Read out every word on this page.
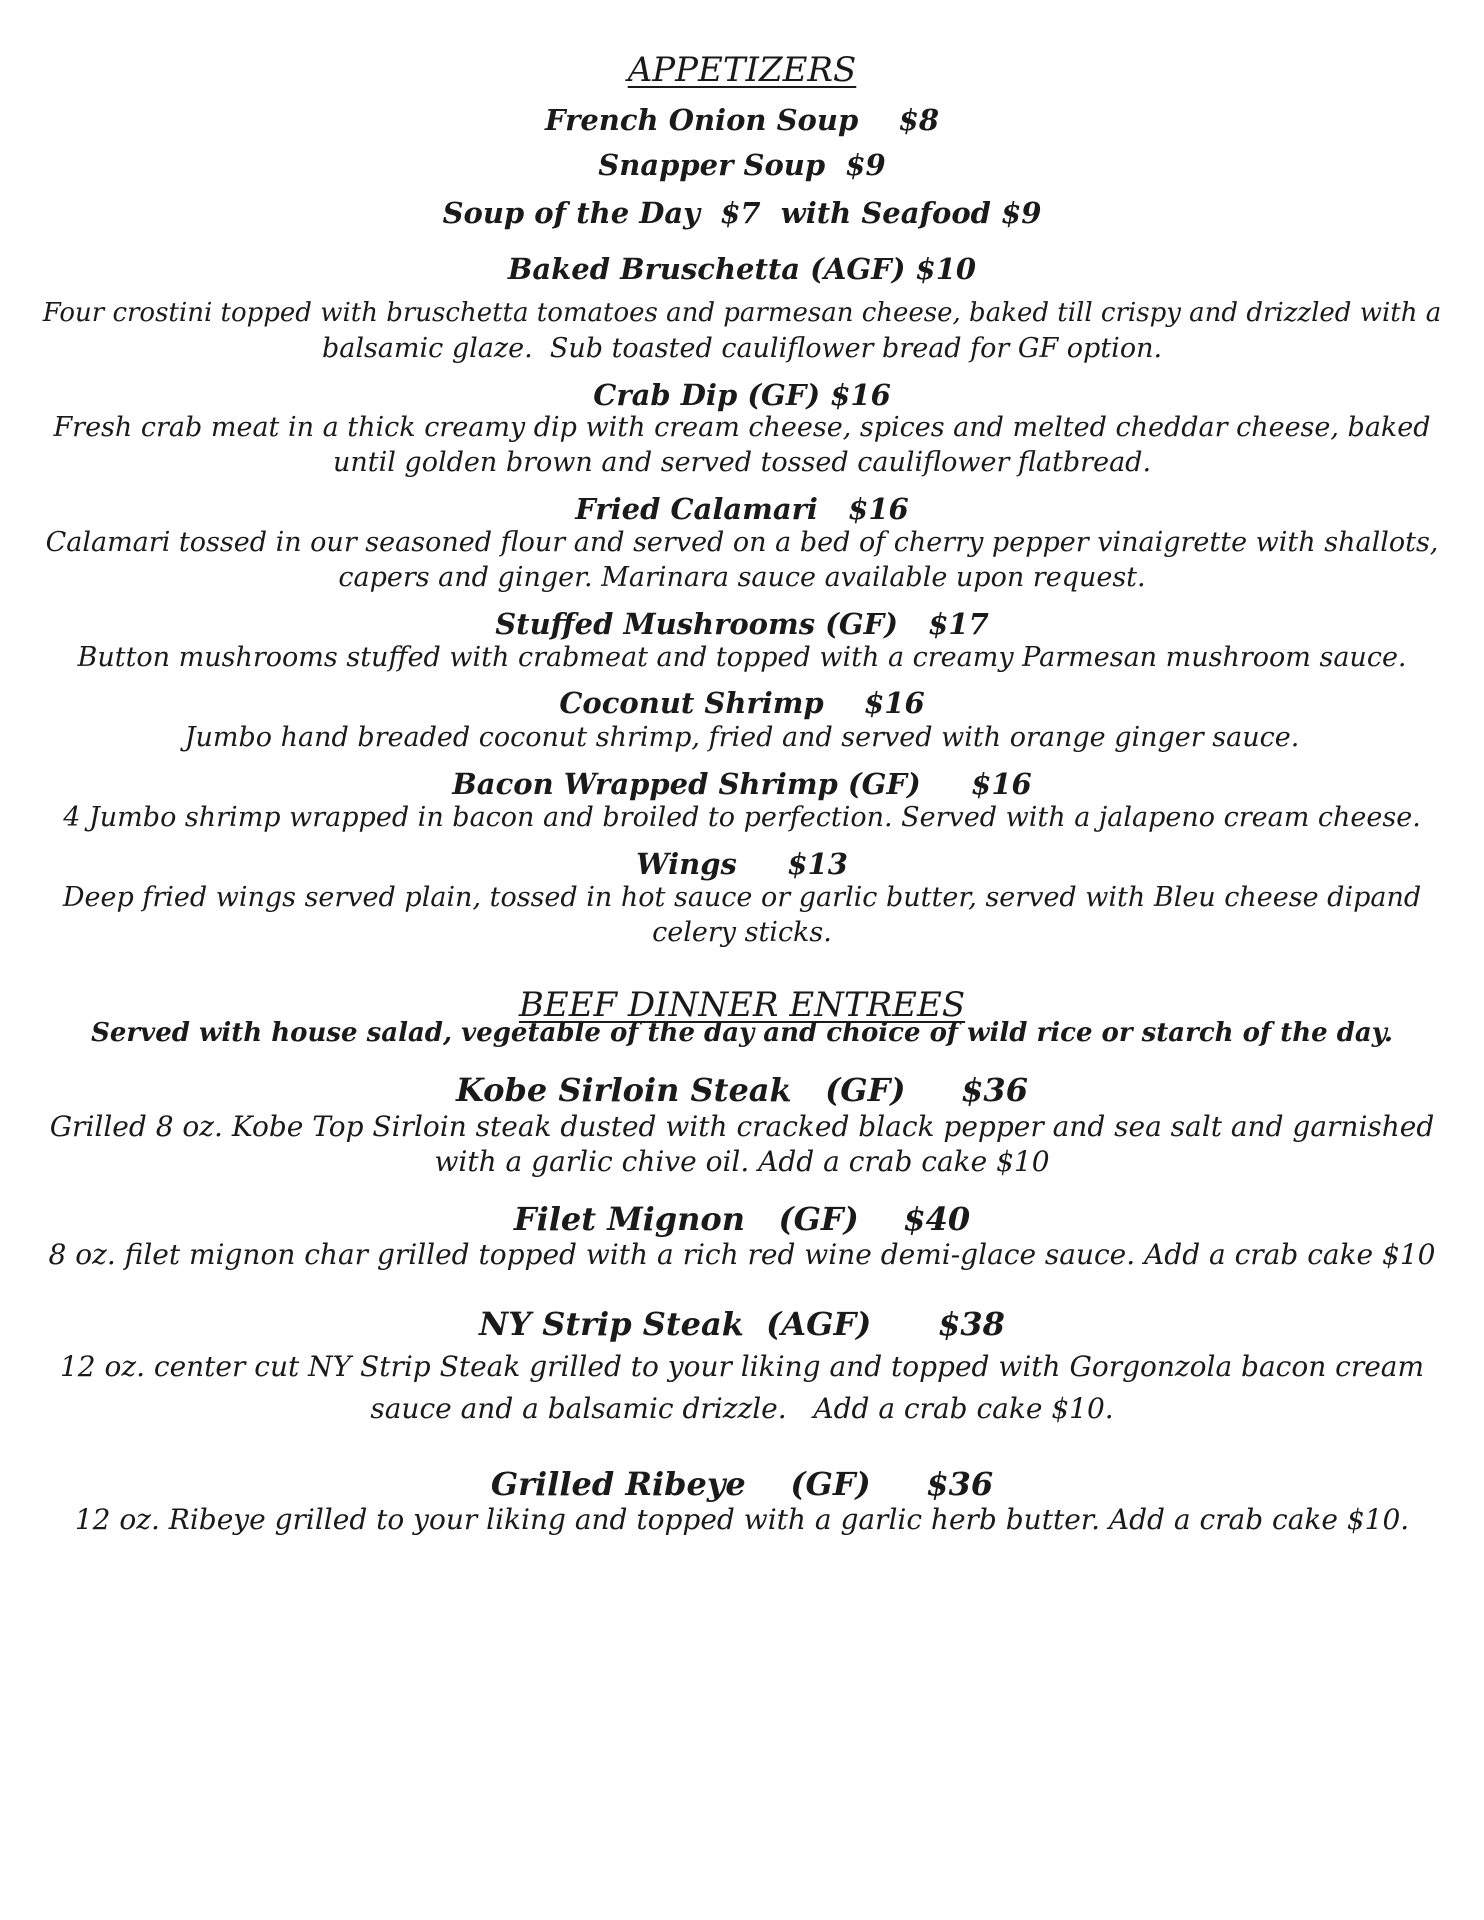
APPETIZERS
French Onion Soup    $8
Snapper Soup  $9
Soup of the Day  $7  with Seafood $9
Baked Bruschetta (AGF) $10
Four crostini topped with bruschetta tomatoes and parmesan cheese, baked till crispy and drizzled with a
balsamic glaze.  Sub toasted cauliflower bread for GF option.
Crab Dip (GF) $16
Fresh crab meat in a thick creamy dip with cream cheese, spices and melted cheddar cheese, baked
until golden brown and served tossed cauliflower flatbread.
Fried Calamari   $16
Calamari tossed in our seasoned flour and served on a bed of cherry pepper vinaigrette with shallots,
capers and ginger. Marinara sauce available upon request.
Stuffed Mushrooms (GF)   $17
Button mushrooms stuffed with crabmeat and topped with a creamy Parmesan mushroom sauce.
Coconut Shrimp    $16
Jumbo hand breaded coconut shrimp, fried and served with orange ginger sauce.
Bacon Wrapped Shrimp (GF)     $16
4 Jumbo shrimp wrapped in bacon and broiled to perfection. Served with a jalapeno cream cheese.
Wings     $13
Deep fried wings served plain, tossed in hot sauce or garlic butter, served with Bleu cheese dipand
celery sticks.
BEEF DINNER ENTREES
Served with house salad, vegetable of the day and choice of wild rice or starch of the day.
Kobe Sirloin Steak   (GF)     $36
Grilled 8 oz. Kobe Top Sirloin steak dusted with cracked black pepper and sea salt and garnished
with a garlic chive oil. Add a crab cake $10
Filet Mignon   (GF)    $40
8 oz. filet mignon char grilled topped with a rich red wine demi-glace sauce. Add a crab cake $10
NY Strip Steak  (AGF)      $38
12 oz. center cut NY Strip Steak grilled to your liking and topped with Gorgonzola bacon cream
sauce and a balsamic drizzle.   Add a crab cake $10.
Grilled Ribeye    (GF)     $36
12 oz. Ribeye grilled to your liking and topped with a garlic herb butter. Add a crab cake $10.
